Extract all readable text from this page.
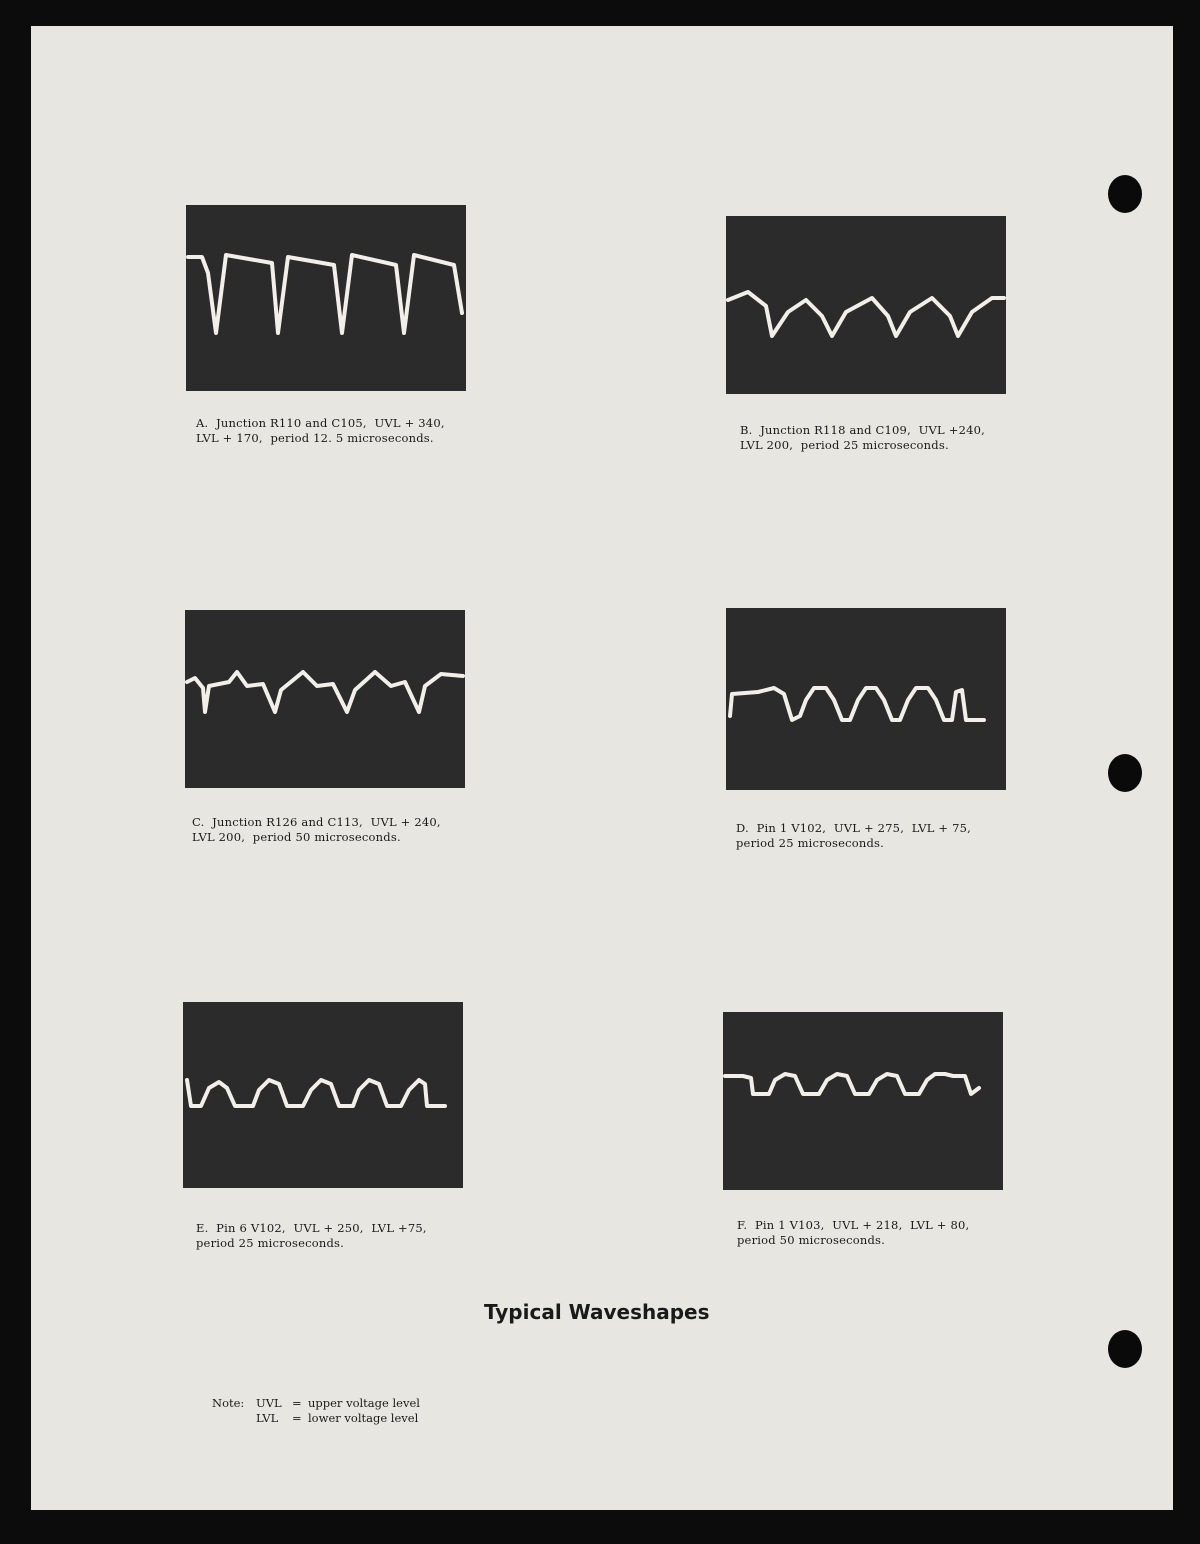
A. Junction R110 and C105,  UVL + 340,
LVL + 170,  period 12. 5 microseconds.
B. Junction R118 and C109,  UVL +240,
LVL 200,  period 25 microseconds.
C. Junction R126 and C113,  UVL + 240,
LVL 200,  period 50 microseconds.
D. Pin 1 V102,  UVL + 275,  LVL + 75,
period 25 microseconds.
E. Pin 6 V102,  UVL + 250,  LVL +75,
period 25 microseconds.
F. Pin 1 V103,  UVL + 218,  LVL + 80,
period 50 microseconds.
Typical Waveshapes
Note:	UVL = upper voltage level
LVL	= lower voltage level
